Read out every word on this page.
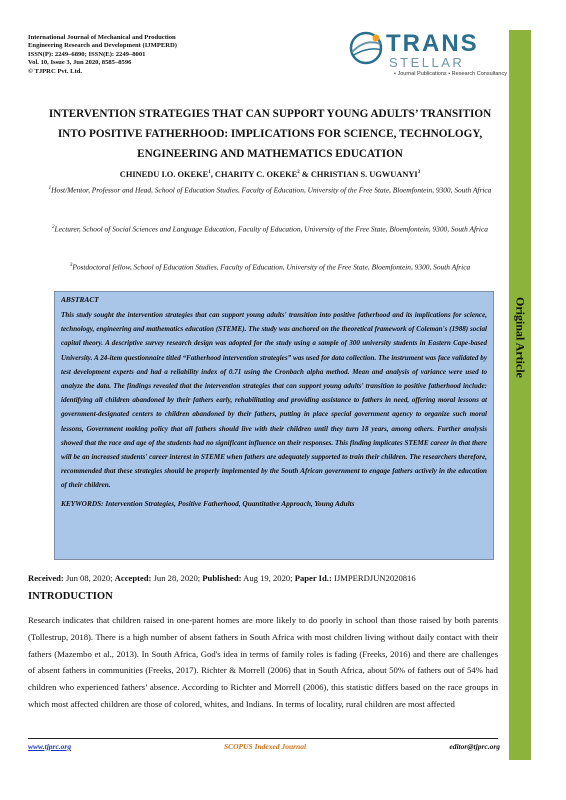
International Journal of Mechanical and Production
Engineering Research and Development (IJMPERD)
ISSN(P): 2249–6890; ISSN(E): 2249–8001
Vol. 10, Issue 3, Jun 2020, 8585–8596
© TJPRC Pvt. Ltd.
TRANS
STELLAR
• Journal Publications • Research Consultancy
Original Article
INTERVENTION STRATEGIES THAT CAN SUPPORT YOUNG ADULTS’ TRANSITION INTO POSITIVE FATHERHOOD: IMPLICATIONS FOR SCIENCE, TECHNOLOGY, ENGINEERING AND MATHEMATICS EDUCATION
CHINEDU I.O. OKEKE$^1$, CHARITY C. OKEKE$^2$ & CHRISTIAN S. UGWUANYI$^3$
$^1$Host/Mentor, Professor and Head, School of Education Studies, Faculty of Education, University of the Free State, Bloemfontein, 9300, South Africa
$^2$Lecturer, School of Social Sciences and Language Education, Faculty of Education, University of the Free State, Bloemfontein, 9300, South Africa
$^3$Postdoctoral fellow, School of Education Studies, Faculty of Education, University of the Free State, Bloemfontein, 9300, South Africa
ABSTRACT
This study sought the intervention strategies that can support young adults' transition into positive fatherhood and its implications for science, technology, engineering and mathematics education (STEME). The study was anchored on the theoretical framework of Coleman's (1988) social capital theory. A descriptive survey research design was adopted for the study using a sample of 300 university students in Eastern Cape-based University. A 24-item questionnaire titled “Fatherhood intervention strategies” was used for data collection. The instrument was face validated by test development experts and had a reliability index of 0.71 using the Cronbach alpha method. Mean and analysis of variance were used to analyze the data. The findings revealed that the intervention strategies that can support young adults' transition to positive fatherhood include: identifying all children abandoned by their fathers early, rehabilitating and providing assistance to fathers in need, offering moral lessons at government-designated centers to children abandoned by their fathers, putting in place special government agency to organize such moral lessons, Government making policy that all fathers should live with their children until they turn 18 years, among others. Further analysis showed that the race and age of the students had no significant influence on their responses. This finding implicates STEME career in that there will be an increased students' career interest in STEME when fathers are adequately supported to train their children. The researchers therefore, recommended that these strategies should be properly implemented by the South African government to engage fathers actively in the education of their children.
KEYWORDS: Intervention Strategies, Positive Fatherhood, Quantitative Approach, Young Adults
Received: Jun 08, 2020; Accepted: Jun 28, 2020; Published: Aug 19, 2020; Paper Id.: IJMPERDJUN2020816
INTRODUCTION
Research indicates that children raised in one-parent homes are more likely to do poorly in school than those raised by both parents (Tollestrup, 2018). There is a high number of absent fathers in South Africa with most children living without daily contact with their fathers (Mazembo et al., 2013). In South Africa, God's idea in terms of family roles is fading (Freeks, 2016) and there are challenges of absent fathers in communities (Freeks, 2017). Richter & Morrell (2006) that in South Africa, about 50% of fathers out of 54% had children who experienced fathers’ absence. According to Richter and Morrell (2006), this statistic differs based on the race groups in which most affected children are those of colored, whites, and Indians. In terms of locality, rural children are most affected
www.tjprc.org	SCOPUS Indexed Journal	editor@tjprc.org
